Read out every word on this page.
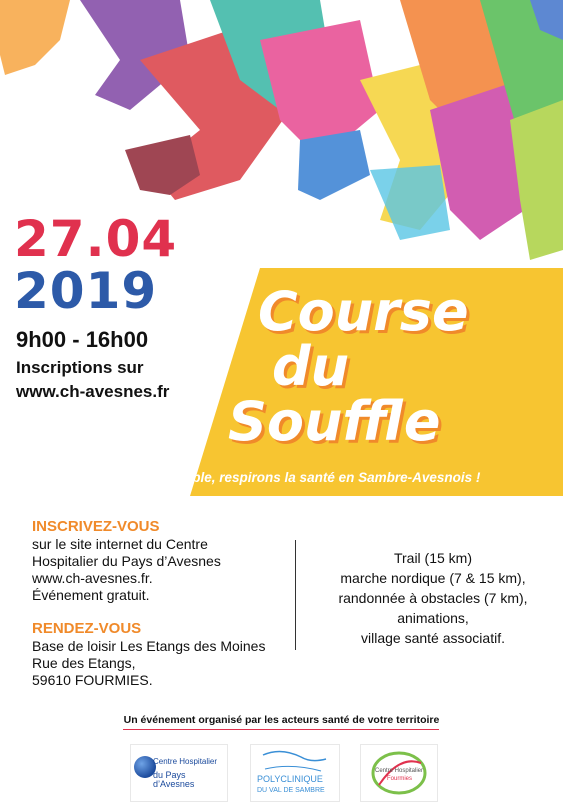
27.04
2019
9h00 - 16h00
Inscriptions sur
www.ch-avesnes.fr
Course
du
Souffle
Ensemble, respirons la santé en Sambre-Avesnois !
INSCRIVEZ-VOUS
sur le site internet du Centre
Hospitalier du Pays d’Avesnes
www.ch-avesnes.fr.
Événement gratuit.
RENDEZ-VOUS
Base de loisir Les Etangs des Moines
Rue des Etangs,
59610 FOURMIES.
Trail (15 km)
marche nordique (7 & 15 km),
randonnée à obstacles (7 km),
animations,
village santé associatif.
Un événement organisé par les acteurs santé de votre territoire
Centre Hospitalier
du Pays d’Avesnes	POLYCLINIQUE
DU VAL DE SAMBRE
Centre Hospitalier
Fourmies
